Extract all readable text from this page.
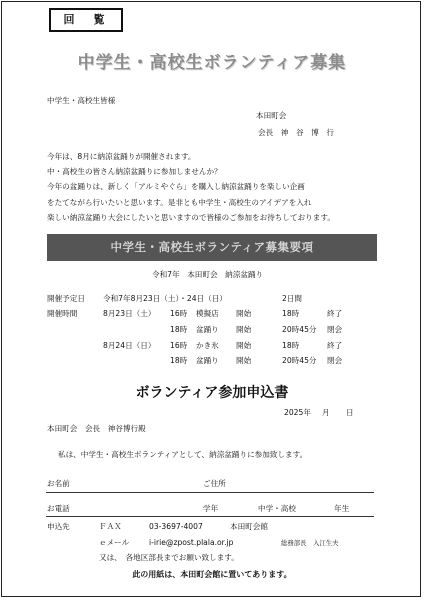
回　覧
中学生・高校生ボランティア募集
中学生・高校生皆様
本田町会
会長　神　谷　博　行
今年は、8月に納涼盆踊りが開催されます。
中・高校生の皆さん納涼盆踊りに参加しませんか？
今年の盆踊りは、新しく「アルミやぐら」を購入し納涼盆踊りを楽しい企画
をたてながら行いたいと思います。是非とも中学生・高校生のアイデアを入れ
楽しい納涼盆踊り大会にしたいと思いますので皆様のご参加をお待ちしております。
中学生・高校生ボランティア募集要項
令和7年　本田町会　納涼盆踊り
開催予定日 令和7年8月23日（土）・24日（日）	2日間
開催時間	8月23日（土） 16時 模擬店 開始	18時	終了
18時 盆踊り 開始	20時45分 閉会
8月24日（日） 16時 かき氷 開始	18時	終了
18時 盆踊り 開始	20時45分 閉会
ボランティア参加申込書
2025年 月 日
本田町会　会長　神谷博行殿
私は、中学生・高校生ボランティアとして、納涼盆踊りに参加致します。
お名前	ご住所
お電話	学年	中学・高校	年生
申込先	ＦＡＸ	03-3697-4007	本田町会館
ｅメール	i-irie@zpost.plala.or.jp	総務部長　入江生夫
又は、　各地区部長までお願い致します。
此の用紙は、本田町会館に置いてあります。
